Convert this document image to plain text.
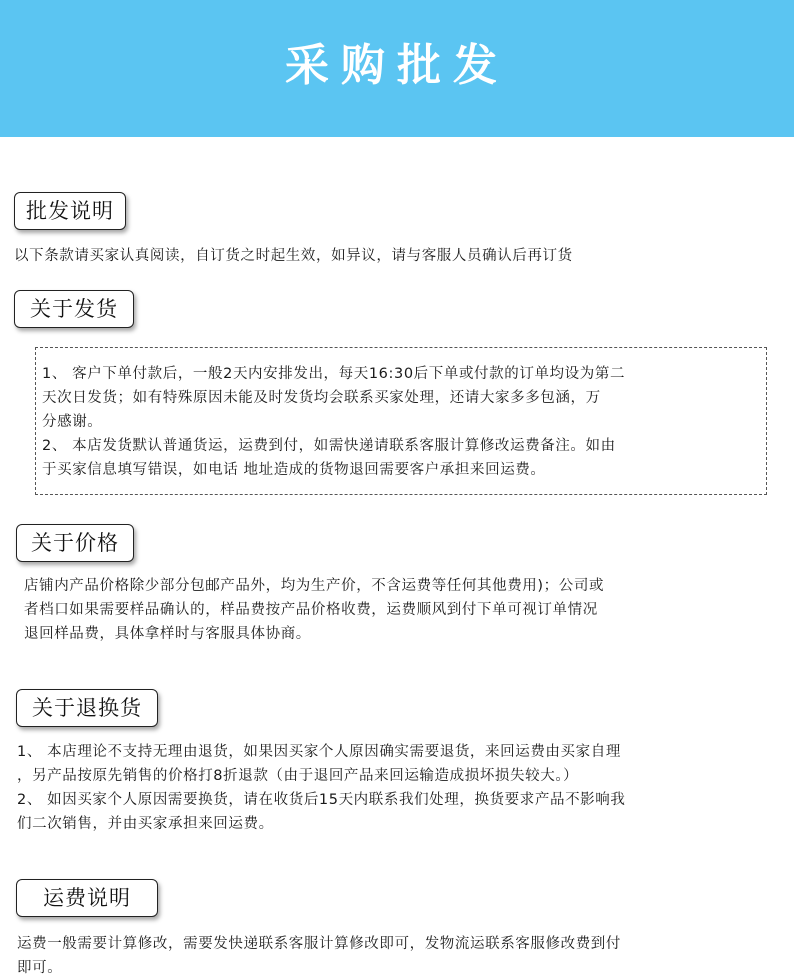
采购批发
批发说明
以下条款请买家认真阅读，自订货之时起生效，如异议，请与客服人员确认后再订货
关于发货
1、 客户下单付款后，一般2天内安排发出，每天16:30后下单或付款的订单均设为第二
天次日发货；如有特殊原因未能及时发货均会联系买家处理，还请大家多多包涵，万
分感谢。
2、 本店发货默认普通货运，运费到付，如需快递请联系客服计算修改运费备注。如由
于买家信息填写错误，如电话 地址造成的货物退回需要客户承担来回运费。
关于价格
店铺内产品价格除少部分包邮产品外，均为生产价，不含运费等任何其他费用)；公司或
者档口如果需要样品确认的，样品费按产品价格收费，运费顺风到付下单可视订单情况
退回样品费，具体拿样时与客服具体协商。
关于退换货
1、 本店理论不支持无理由退货，如果因买家个人原因确实需要退货，来回运费由买家自理
，另产品按原先销售的价格打8折退款（由于退回产品来回运输造成损坏损失较大。）
2、 如因买家个人原因需要换货，请在收货后15天内联系我们处理，换货要求产品不影响我
们二次销售，并由买家承担来回运费。
运费说明
运费一般需要计算修改，需要发快递联系客服计算修改即可，发物流运联系客服修改费到付
即可。
